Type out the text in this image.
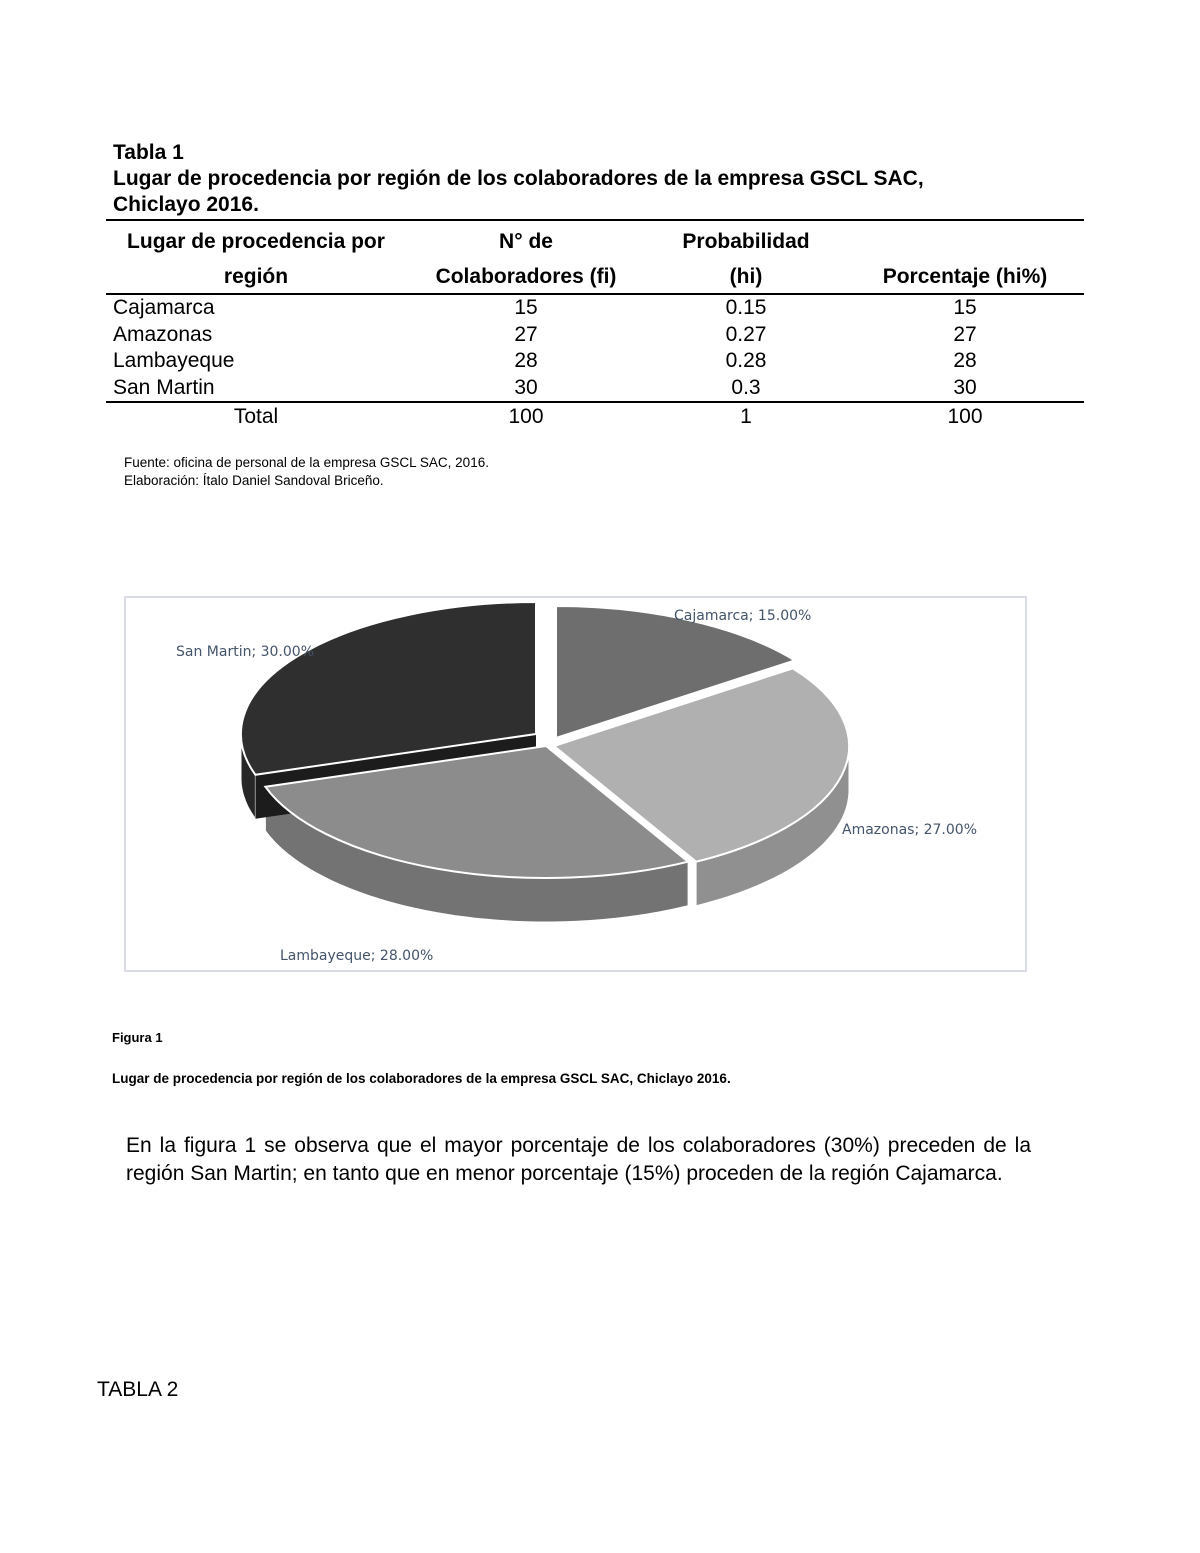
Tabla 1
Lugar de procedencia por región de los colaboradores de la empresa GSCL SAC,
Chiclayo 2016.
Lugar de procedencia por	N° de	Probabilidad	
región	Colaboradores (fi)	(hi)	Porcentaje (hi%)
Cajamarca	15	0.15	15
Amazonas	27	0.27	27
Lambayeque	28	0.28	28
San Martin	30	0.3	30
Total	100	1	100
Fuente: oficina de personal de la empresa GSCL SAC, 2016.
Elaboración: Ítalo Daniel Sandoval Briceño.
Cajamarca; 15.00%
Amazonas; 27.00%
Lambayeque; 28.00%
San Martin; 30.00%
Figura 1
Lugar de procedencia por región de los colaboradores de la empresa GSCL SAC, Chiclayo 2016.
En la figura 1 se observa que el mayor porcentaje de los colaboradores (30%) preceden de la región San Martin; en tanto que en menor porcentaje (15%) proceden de la región Cajamarca.
TABLA 2
